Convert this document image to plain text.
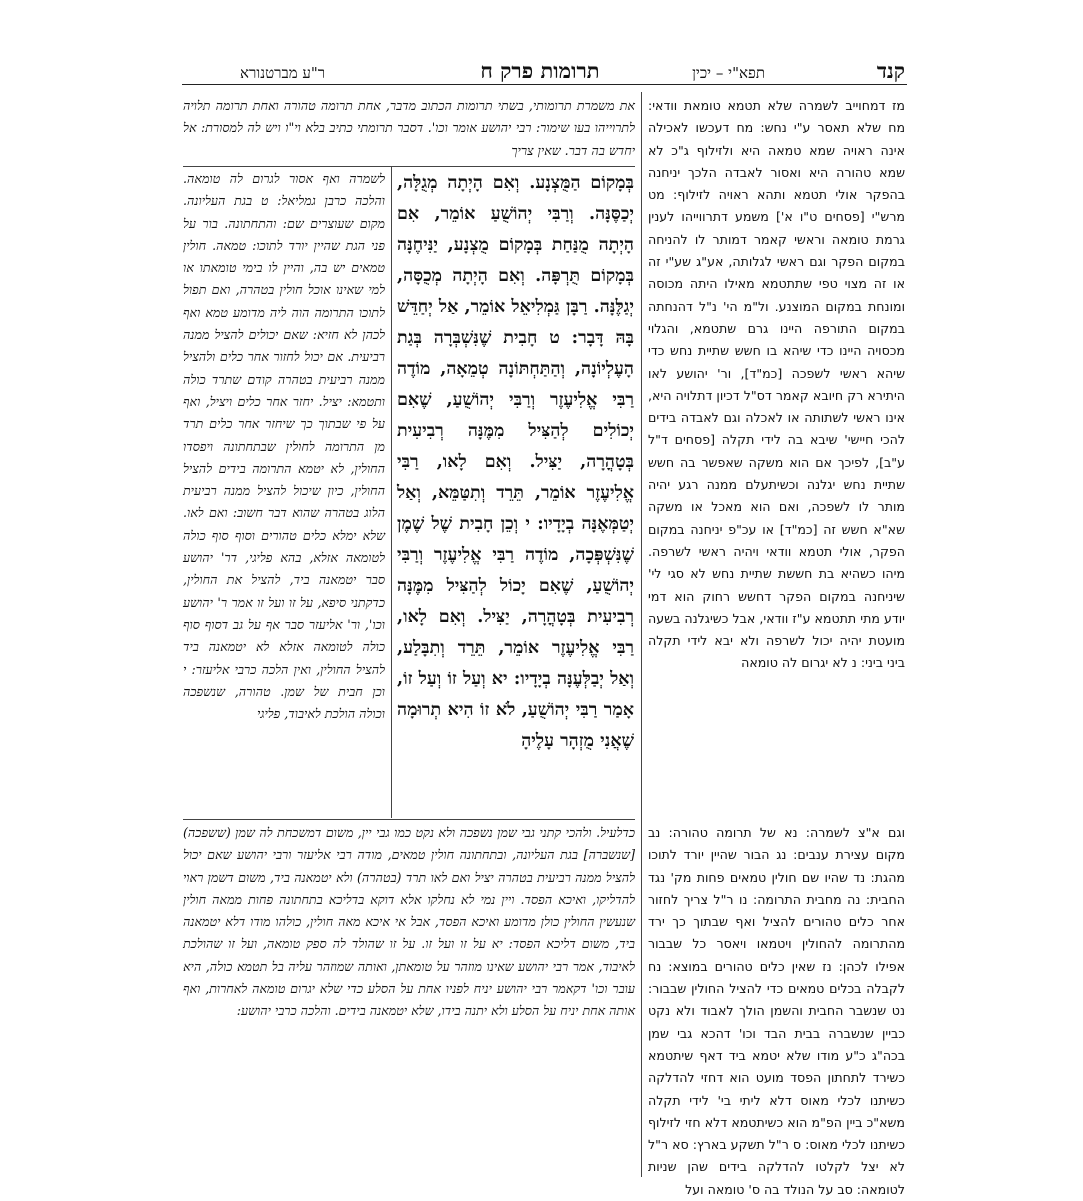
קנד
תפא"י – יכין
תרומות פרק ח
ר"ע מברטנורא
מז דמחוייב לשמרה שלא תטמא טומאת וודאי: מח שלא תאסר ע"י נחש: מח דעכשו לאכילה אינה ראויה שמא טמאה היא ולזילוף ג"כ לא שמא טהורה היא ואסור לאבדה הלכך יניחנה בהפקר אולי תטמא ותהא ראויה לזילוף: מט מרש"י [פסחים ט"ו א'] משמע דתרווייהו לענין גרמת טומאה וראשי קאמר דמותר לו להניחה במקום הפקר וגם ראשי לגלותה, אע"ג שע"י זה או זה מצוי טפי שתתטמא מאילו היתה מכוסה ומונחת במקום המוצנע. ול"מ הי' נ"ל דהנחתה במקום התורפה היינו גרם שתטמא, והגלוי מכסויה היינו כדי שיהא בו חשש שתיית נחש כדי שיהא ראשי לשפכה [כמ"ד], ור' יהושע לאו היתירא רק חיובא קאמר דס"ל דכיון דתלויה היא, אינו ראשי לשתותה או לאכלה וגם לאבדה בידים להכי חיישי' שיבא בה לידי תקלה [פסחים ד"ל ע"ב], לפיכך אם הוא משקה שאפשר בה חשש שתיית נחש יגלנה וכשיתעלם ממנה רגע יהיה מותר לו לשפכה, ואם הוא מאכל או משקה שא"א חשש זה [כמ"ד] או עכ"פ יניחנה במקום הפקר, אולי תטמא וודאי ויהיה ראשי לשרפה. מיהו כשהיא בת חששת שתיית נחש לא סגי לי' שיניחנה במקום הפקר דחשש רחוק הוא דמי יודע מתי תתטמא ע"ז וודאי, אבל כשיגלנה בשעה מועטת יהיה יכול לשרפה ולא יבא לידי תקלה ביני ביני: נ לא יגרום לה טומאה
וגם א"צ לשמרה: נא של תרומה טהורה: נב מקום עצירת ענבים: נג הבור שהיין יורד לתוכו מהגת: נד שהיו שם חולין טמאים פחות מק' נגד החבית: נה מחבית התרומה: נו ר"ל צריך לחזור אחר כלים טהורים להציל ואף שבתוך כך ירד מהתרומה להחולין ויטמאו ויאסר כל שבבור אפילו לכהן: נז שאין כלים טהורים במוצא: נח לקבלה בכלים טמאים כדי להציל החולין שבבור: נט שנשבר החבית והשמן הולך לאבוד ולא נקט כביין שנשברה בבית הבד וכו' דהכא גבי שמן בכה"ג כ"ע מודו שלא יטמא ביד דאף שיתטמא כשירד לתחתון הפסד מועט הוא דחזי להדלקה כשיתנו לכלי מאוס דלא ליתי בי' לידי תקלה משא"כ ביין הפ"מ הוא כשיתטמא דלא חזי לזילוף כשיתנו לכלי מאוס: ס ר"ל תשקע בארץ: סא ר"ל לא יצל לקלטו להדלקה בידים שהן שניות לטומאה: סב על הנולד בה ס' טומאה ועל
בְּמָקוֹם הַמֻּצְנָע. וְאִם הָיְתָה מְגֻלָּה, יְכַסֶּנָּה. וְרַבִּי יְהוֹשֻׁעַ אוֹמֵר, אִם הָיְתָה מֻנַּחַת בְּמָקוֹם מֻצְנָע, יַנִּיחֶנָּה בְּמָקוֹם תֻּרְפָּה. וְאִם הָיְתָה מְכֻסָּה, יְגַלֶּנָּה. רַבָּן גַּמְלִיאֵל אוֹמֵר, אַל יְחַדֵּשׁ בָּהּ דָּבָר: ט חָבִית שֶׁנִּשְׁבְּרָה בְּגַת הָעֶלְיוֹנָה, וְהַתַּחְתּוֹנָה טְמֵאָה, מוֹדֶה רַבִּי אֱלִיעֶזֶר וְרַבִּי יְהוֹשֻׁעַ, שֶׁאִם יְכוֹלִים לְהַצִּיל מִמֶּנָּה רְבִיעִית בְּטָהֳרָה, יַצִּיל. וְאִם לָאו, רַבִּי אֱלִיעֶזֶר אוֹמֵר, תֵּרֵד וְתִטַּמֵּא, וְאַל יְטַמְּאֶנָּה בְיָדָיו: י וְכֵן חָבִית שֶׁל שֶׁמֶן שֶׁנִּשְׁפְּכָה, מוֹדֶה רַבִּי אֱלִיעֶזֶר וְרַבִּי יְהוֹשֻׁעַ, שֶׁאִם יָכוֹל לְהַצִּיל מִמֶּנָּה רְבִיעִית בְּטָהֳרָה, יַצִּיל. וְאִם לָאו, רַבִּי אֱלִיעֶזֶר אוֹמֵר, תֵּרֵד וְתִבָּלַע, וְאַל יְבַלְּעֶנָּה בְיָדָיו: יא וְעַל זוֹ וְעַל זוֹ, אָמַר רַבִּי יְהוֹשֻׁעַ, לֹא זוֹ הִיא תְרוּמָה שֶׁאֲנִי מֻזְהָר עָלֶיהָ
את משמרת תרומותי, בשתי תרומות הכתוב מדבר, אחת תרומה טהורה ואחת תרומה תלויה לתרוייהו בעו שימור: רבי יהושע אומר וכו'. דסבר תרומתי כתיב בלא וי"ו ויש לה למסורת: אל יחדש בה דבר. שאין צריך
לשמרה ואף אסור לגרום לה טומאה. והלכה כרבן גמליאל: ט בגת העליונה. מקום שעוצרים שם: והתחתונה. בור על פני הגת שהיין יורד לתוכו: טמאה. חולין טמאים יש בה, והיין לו בימי טומאתו או למי שאינו אוכל חולין בטהרה, ואם תפול לתוכו התרומה הוה ליה מדומע טמא ואף לכהן לא חזיא: שאם יכולים להציל ממנה רביעית. אם יכול לחזור אחר כלים ולהציל ממנה רביעית בטהרה קודם שתרד כולה ותטמא: יציל. יחזר אחר כלים ויציל, ואף על פי שבתוך כך שיחזר אחר כלים תרד מן התרומה לחולין שבתחתונה ויפסדו החולין, לא יטמא התרומה בידים להציל החולין, כיון שיכול להציל ממנה רביעית הלוג בטהרה שהוא דבר חשוב: ואם לאו. שלא ימלא כלים טהורים וסוף סוף כולה לטומאה אזלא, בהא פליגי, דר' יהושע סבר יטמאנה ביד, להציל את החולין, כדקתני סיפא, על זו ועל זו אמר ר' יהושע וכו', ור' אליעזר סבר אף על גב דסוף סוף כולה לטומאה אזלא לא יטמאנה ביד להציל החולין, ואין הלכה כרבי אליעזר: י וכן חבית של שמן. טהורה, שנשפכה וכולה הולכת לאיבוד, פליגי
כדלעיל. ולהכי קתני גבי שמן נשפכה ולא נקט כמו גבי יין, משום דמשכחת לה שמן (ששפכה) [שנשברה] בגת העליונה, ובתחתונה חולין טמאים, מודה רבי אליעזר ורבי יהושע שאם יכול להציל ממנה רביעית בטהרה יציל ואם לאו תרד (בטהרה) ולא יטמאנה ביד, משום דשמן ראוי להדליקו, ואיכא הפסד. ויין נמי לא נחלקו אלא דוקא בדליכא בתחתונה פחות ממאה חולין שנעשין החולין כולן מדומע ואיכא הפסד, אבל אי איכא מאה חולין, כולהו מודו דלא יטמאנה ביד, משום דליכא הפסד: יא על זו ועל זו. על זו שהולד לה ספק טומאה, ועל זו שהולכת לאיבוד, אמר רבי יהושע שאינו מוזהר על טומאתן, ואותה שמוזהר עליה בל תטמא כולה, היא עובר וכו' דקאמר רבי יהושע יניח לפניו אחת על הסלע כדי שלא יגרום טומאה לאחרות, ואף אותה אחת יניח על הסלע ולא יתנה בידו, שלא יטמאנה בידים. והלכה כרבי יהושע:
